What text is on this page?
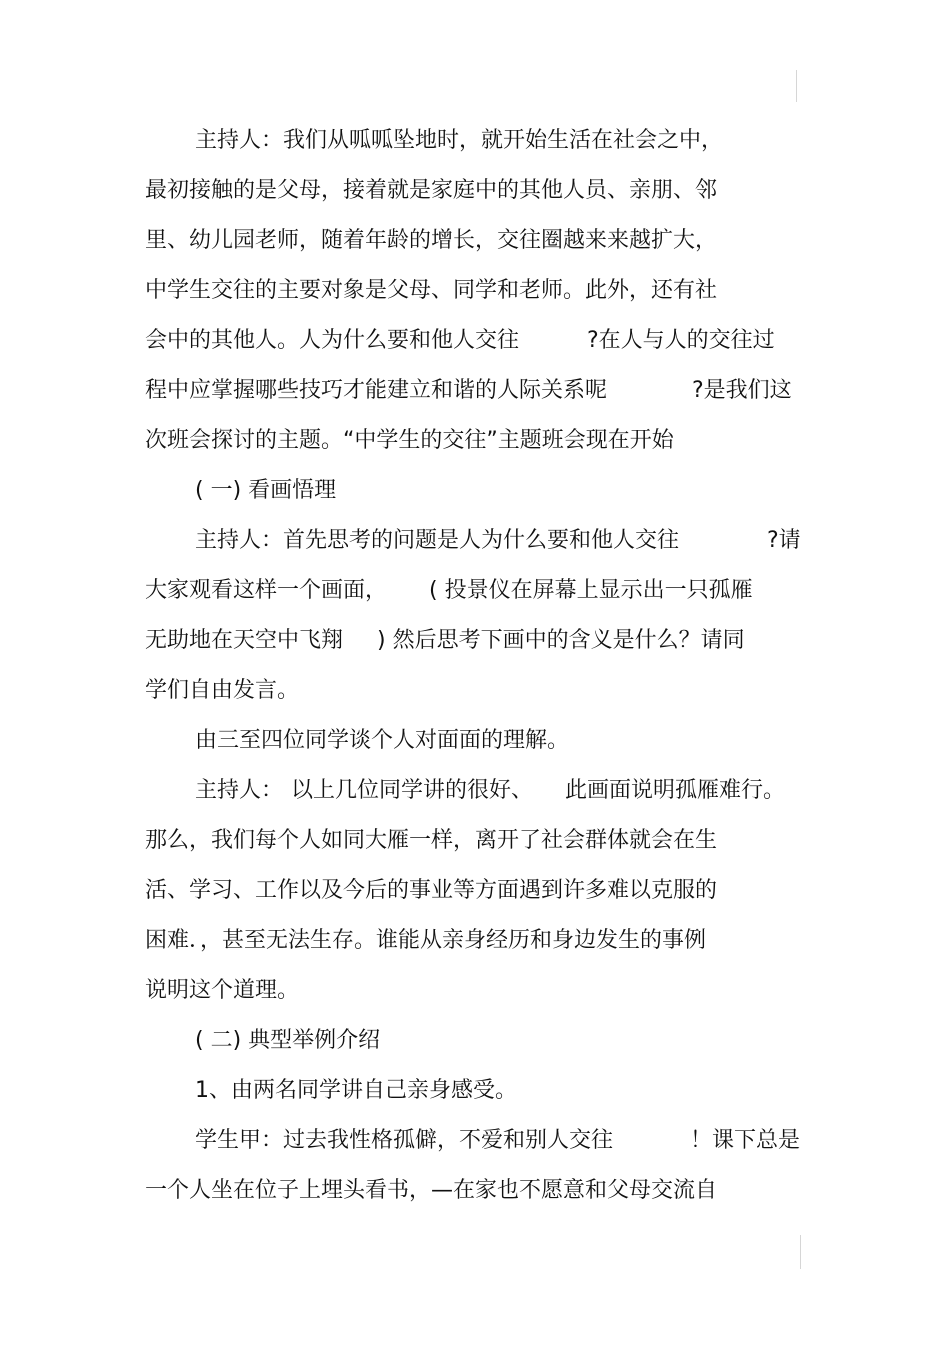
主持人：我们从呱呱坠地时，就开始生活在社会之中，
最初接触的是父母，接着就是家庭中的其他人员、亲朋、邻
里、幼儿园老师，随着年龄的增长，交往圈越来来越扩大，
中学生交往的主要对象是父母、同学和老师。此外，还有社
会中的其他人。人为什么要和他人交往	?在人与人的交往过
程中应掌握哪些技巧才能建立和谐的人际关系呢	?是我们这
次班会探讨的主题。“中学生的交往”主题班会现在开始
( 一) 看画悟理
主持人：首先思考的问题是人为什么要和他人交往	?请
大家观看这样一个画面， ( 投景仪在屏幕上显示出一只孤雁
无助地在天空中飞翔 ) 然后思考下画中的含义是什么？请同
学们自由发言。
由三至四位同学谈个人对面面的理解。
主持人： 以上几位同学讲的很好、 此画面说明孤雁难行。
那么，我们每个人如同大雁一样，离开了社会群体就会在生
活、学习、工作以及今后的事业等方面遇到许多难以克服的
困难．，甚至无法生存。谁能从亲身经历和身边发生的事例
说明这个道理。
( 二) 典型举例介绍
1、由两名同学讲自己亲身感受。
学生甲：过去我性格孤僻，不爱和别人交往	！课下总是
一个人坐在位子上埋头看书，—在家也不愿意和父母交流自
